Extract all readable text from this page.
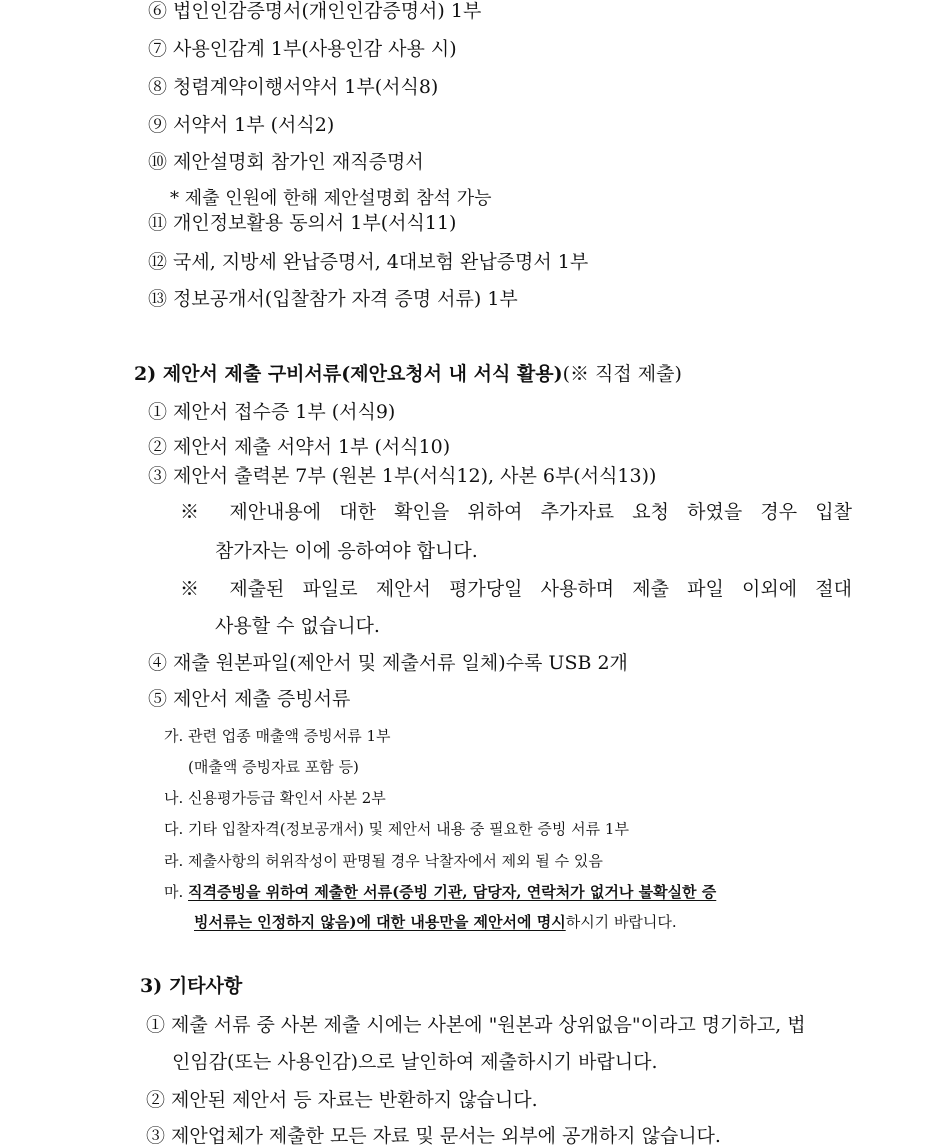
⑥ 법인인감증명서(개인인감증명서) 1부
⑦ 사용인감계 1부(사용인감 사용 시)
⑧ 청렴계약이행서약서 1부(서식8)
⑨ 서약서 1부 (서식2)
⑩ 제안설명회 참가인 재직증명서
* 제출 인원에 한해 제안설명회 참석 가능
⑪ 개인정보활용 동의서 1부(서식11)
⑫ 국세, 지방세 완납증명서, 4대보험 완납증명서 1부
⑬ 정보공개서(입찰참가 자격 증명 서류) 1부
2) 제안서 제출 구비서류(제안요청서 내 서식 활용)(※ 직접 제출)
① 제안서 접수증 1부 (서식9)
② 제안서 제출 서약서 1부 (서식10)
③ 제안서 출력본 7부 (원본 1부(서식12), 사본 6부(서식13))
※ 제안내용에 대한 확인을 위하여 추가자료 요청 하였을 경우 입찰
참가자는 이에 응하여야 합니다.
※ 제출된 파일로 제안서 평가당일 사용하며 제출 파일 이외에 절대
사용할 수 없습니다.
④ 재출 원본파일(제안서 및 제출서류 일체)수록 USB 2개
⑤ 제안서 제출 증빙서류
가. 관련 업종 매출액 증빙서류 1부
(매출액 증빙자료 포함 등)
나. 신용평가등급 확인서 사본 2부
다. 기타 입찰자격(정보공개서) 및 제안서 내용 중 필요한 증빙 서류 1부
라. 제출사항의 허위작성이 판명될 경우 낙찰자에서 제외 될 수 있음
마. 직격증빙을 위하여 제출한 서류(증빙 기관, 담당자, 연락처가 없거나 불확실한 증
빙서류는 인정하지 않음)에 대한 내용만을 제안서에 명시하시기 바랍니다.
3) 기타사항
① 제출 서류 중 사본 제출 시에는 사본에 "원본과 상위없음"이라고 명기하고, 법
인임감(또는 사용인감)으로 날인하여 제출하시기 바랍니다.
② 제안된 제안서 등 자료는 반환하지 않습니다.
③ 제안업체가 제출한 모든 자료 및 문서는 외부에 공개하지 않습니다.
